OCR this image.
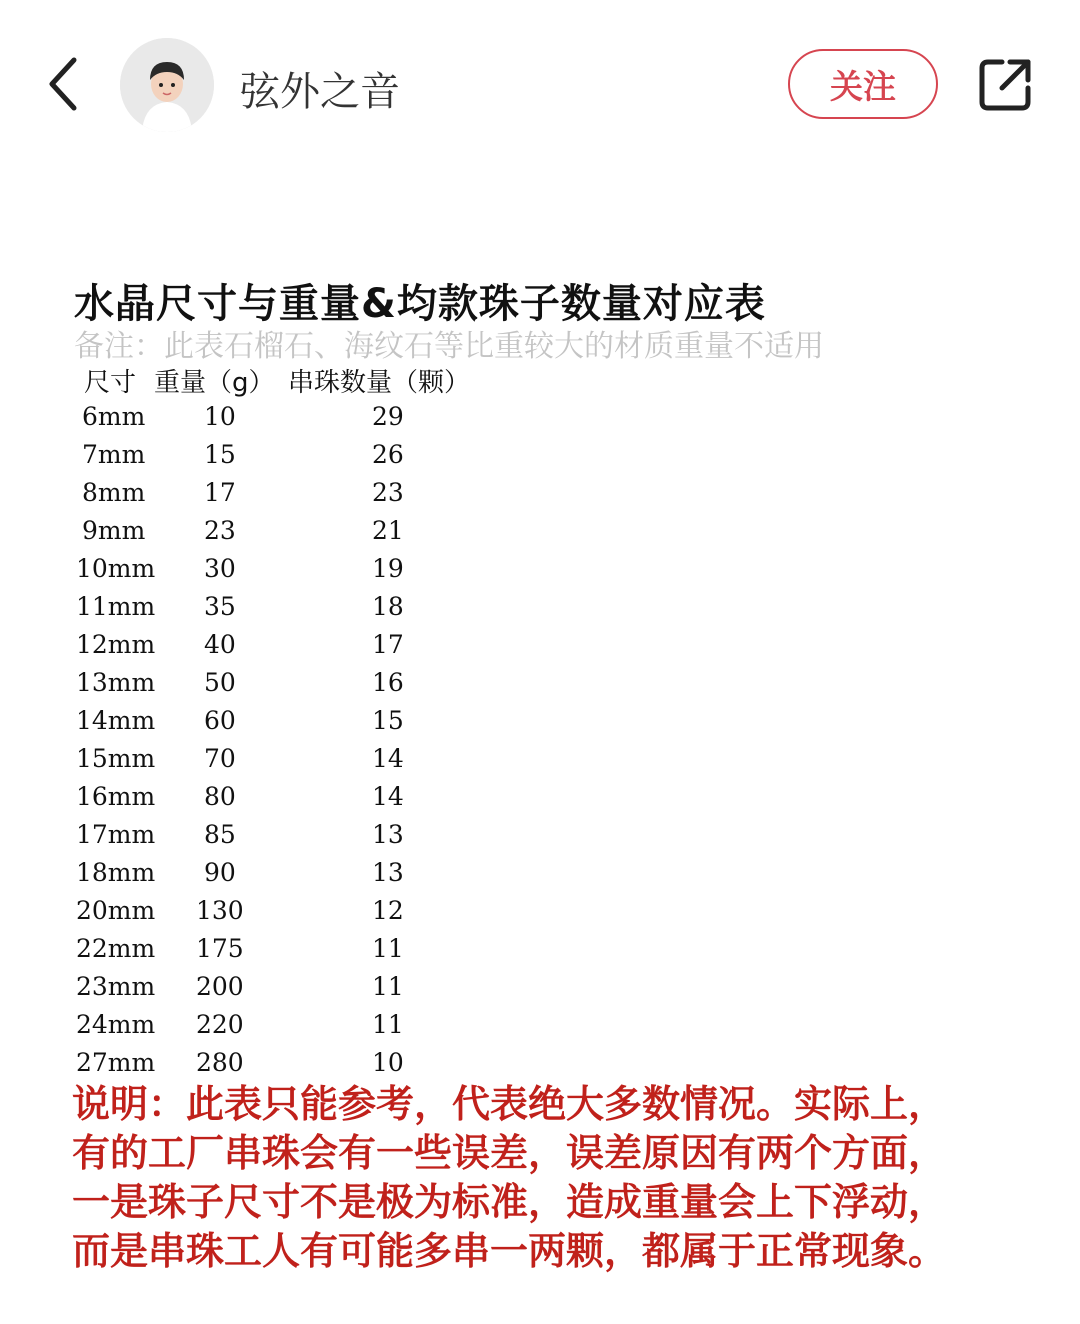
弦外之音	关注
水晶尺寸与重量&均款珠子数量对应表
备注：此表石榴石、海纹石等比重较大的材质重量不适用
尺寸 重量（g） 串珠数量（颗）
6mm 10	29
7mm 15	26
8mm 17	23
9mm 23	21
10mm 30	19
11mm 35	18
12mm 40	17
13mm 50	16
14mm 60	15
15mm 70	14
16mm 80	14
17mm 85	13
18mm 90	13
20mm 130	12
22mm 175	11
23mm 200	11
24mm 220	11
27mm 280	10
说明：此表只能参考，代表绝大多数情况。实际上，
有的工厂串珠会有一些误差，误差原因有两个方面，
一是珠子尺寸不是极为标准，造成重量会上下浮动，
而是串珠工人有可能多串一两颗，都属于正常现象。
